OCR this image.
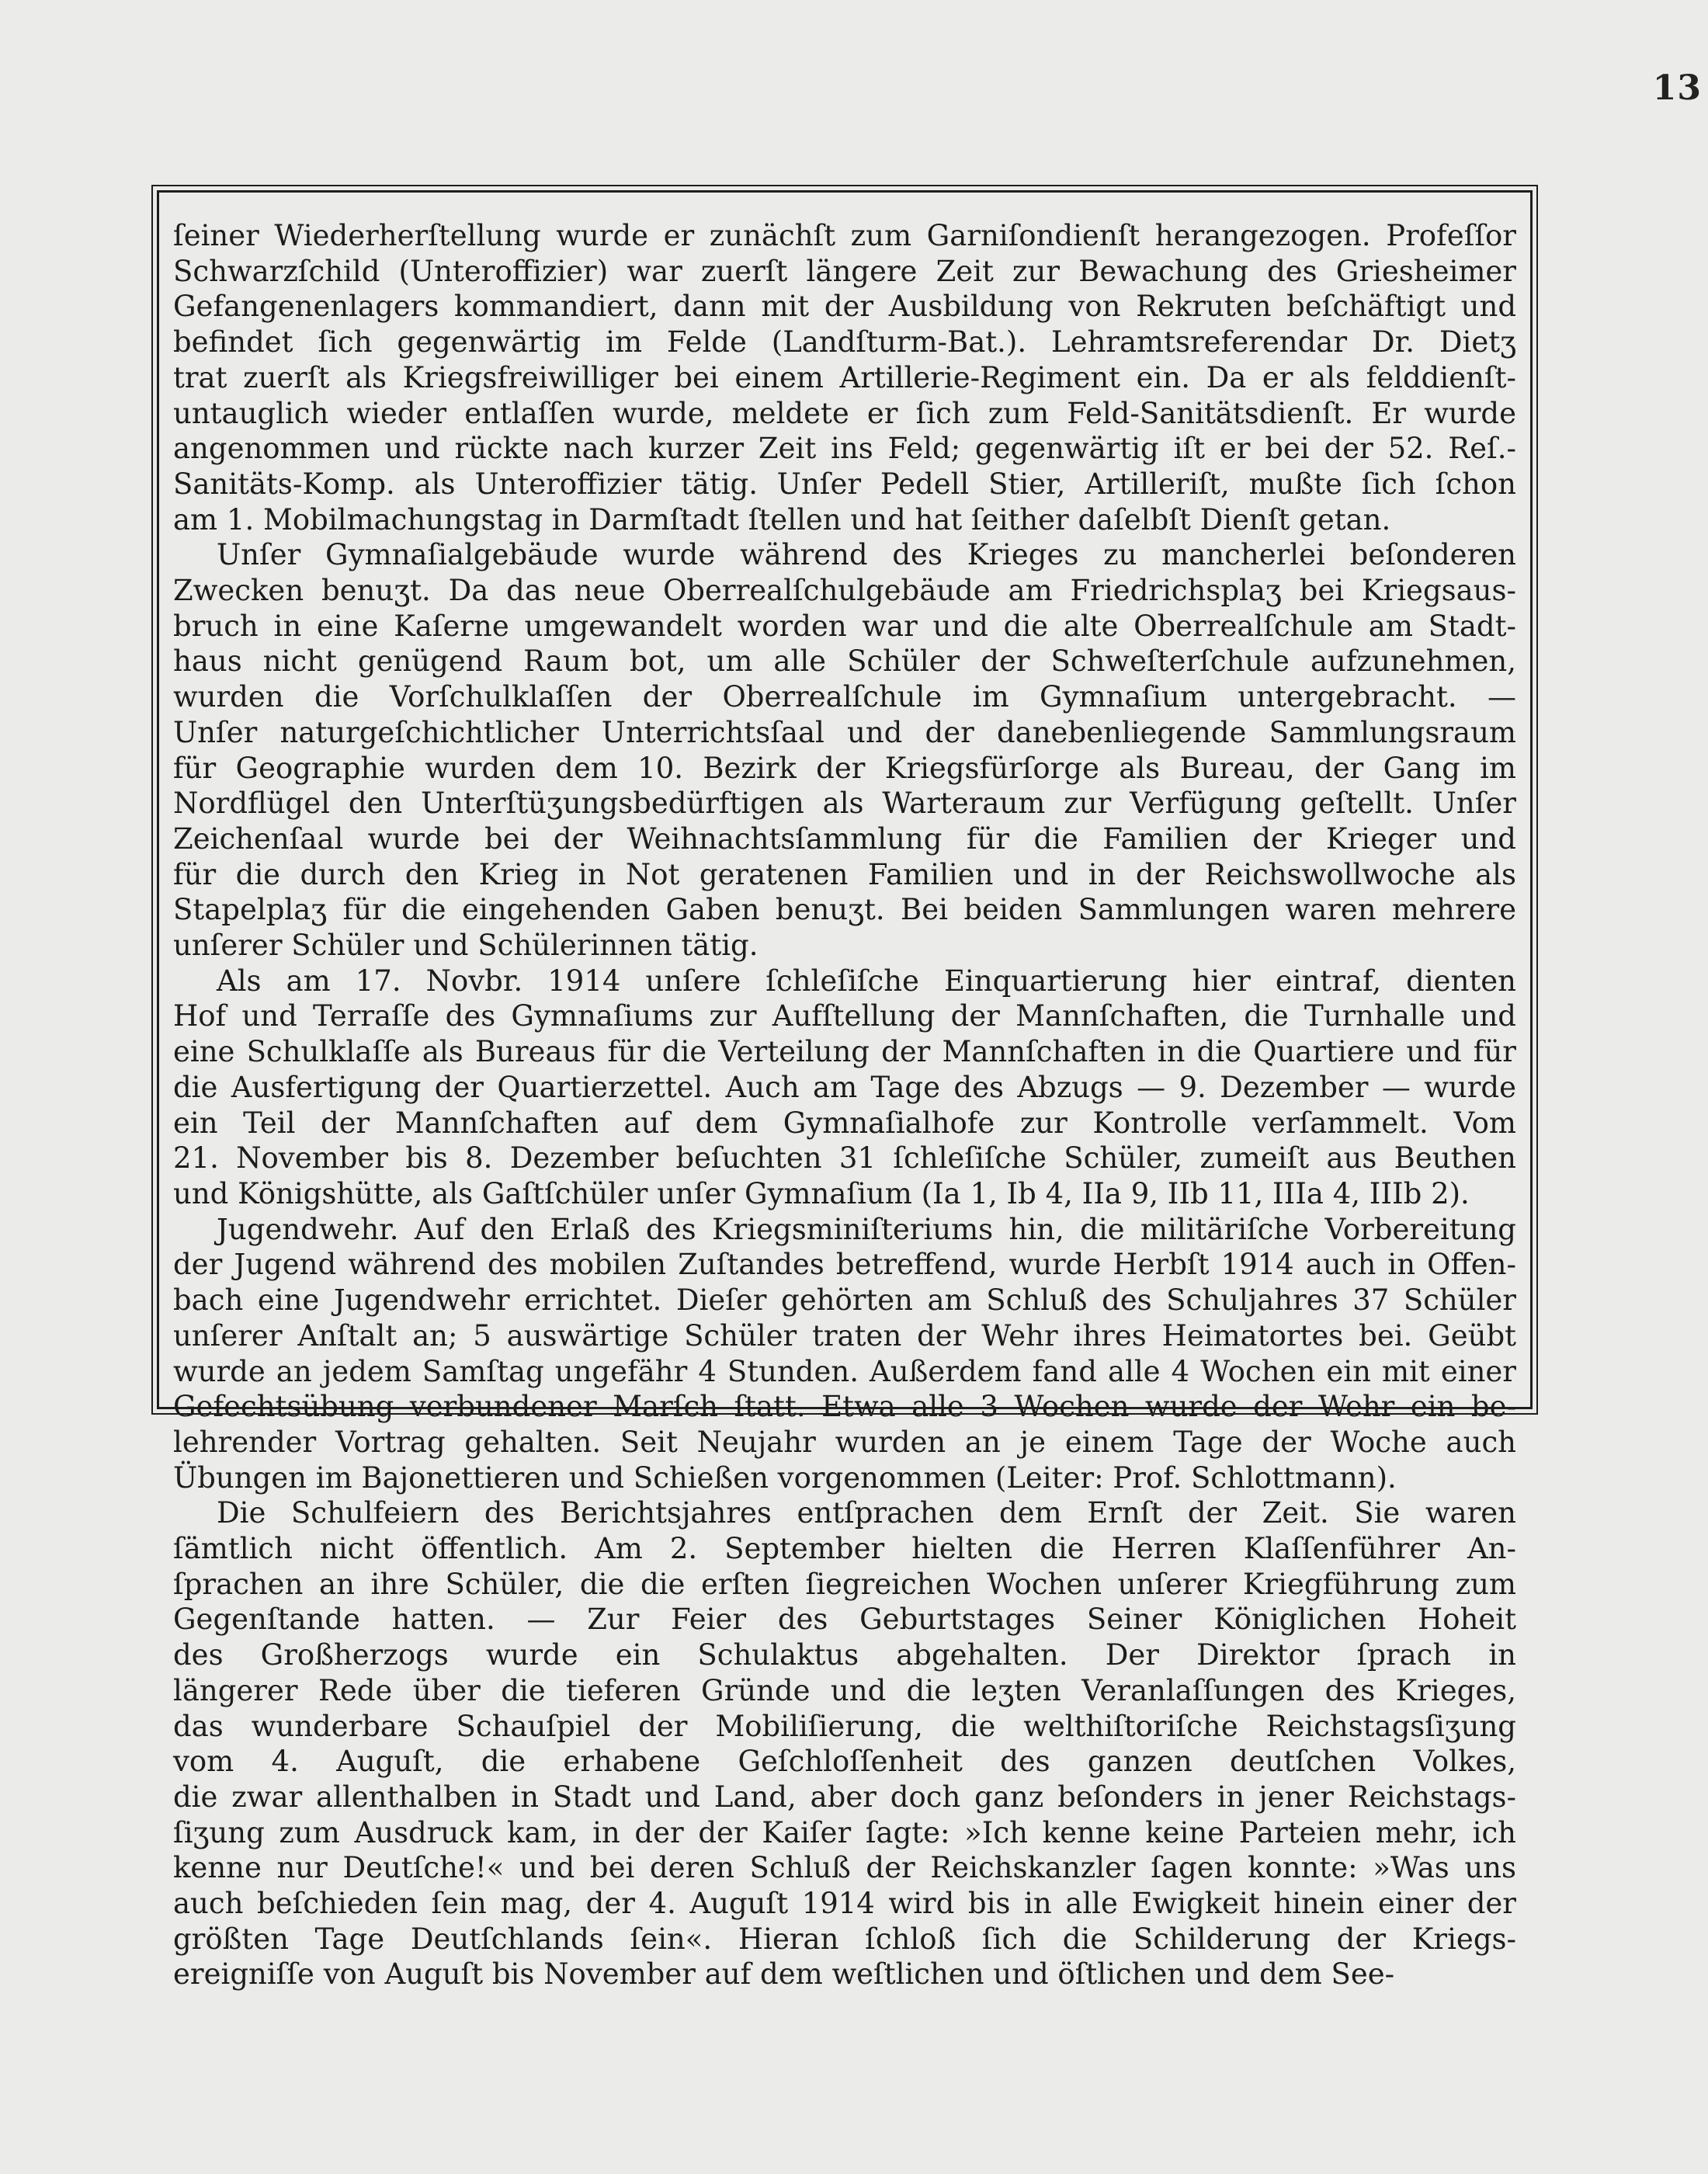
13

ſeiner Wiederherſtellung wurde er zunächſt zum Garniſondienſt herangezogen. Profeſſor
Schwarzſchild (Unteroffizier) war zuerſt längere Zeit zur Bewachung des Griesheimer
Gefangenenlagers kommandiert, dann mit der Ausbildung von Rekruten beſchäftigt und
befindet ſich gegenwärtig im Felde (Landſturm-Bat.). Lehramtsreferendar Dr. Dietʒ
trat zuerſt als Kriegsfreiwilliger bei einem Artillerie-Regiment ein. Da er als felddienſt-
untauglich wieder entlaſſen wurde, meldete er ſich zum Feld-Sanitätsdienſt. Er wurde
angenommen und rückte nach kurzer Zeit ins Feld; gegenwärtig iſt er bei der 52. Reſ.-
Sanitäts-Komp. als Unteroffizier tätig. Unſer Pedell Stier, Artilleriſt, mußte ſich ſchon
am 1. Mobilmachungstag in Darmſtadt ſtellen und hat ſeither daſelbſt Dienſt getan.

Unſer Gymnaſialgebäude wurde während des Krieges zu mancherlei beſonderen
Zwecken benuʒt. Da das neue Oberrealſchulgebäude am Friedrichsplaʒ bei Kriegsaus-
bruch in eine Kaſerne umgewandelt worden war und die alte Oberrealſchule am Stadt-
haus nicht genügend Raum bot, um alle Schüler der Schweſterſchule aufzunehmen,
wurden die Vorſchulklaſſen der Oberrealſchule im Gymnaſium untergebracht. —
Unſer naturgeſchichtlicher Unterrichtsſaal und der danebenliegende Sammlungsraum
für Geographie wurden dem 10. Bezirk der Kriegsfürſorge als Bureau, der Gang im
Nordflügel den Unterſtüʒungsbedürftigen als Warteraum zur Verfügung geſtellt. Unſer
Zeichenſaal wurde bei der Weihnachtsſammlung für die Familien der Krieger und
für die durch den Krieg in Not geratenen Familien und in der Reichswollwoche als
Stapelplaʒ für die eingehenden Gaben benuʒt. Bei beiden Sammlungen waren mehrere
unſerer Schüler und Schülerinnen tätig.

Als am 17. Novbr. 1914 unſere ſchleſiſche Einquartierung hier eintraf, dienten
Hof und Terraſſe des Gymnaſiums zur Aufſtellung der Mannſchaften, die Turnhalle und
eine Schulklaſſe als Bureaus für die Verteilung der Mannſchaften in die Quartiere und für
die Ausfertigung der Quartierzettel. Auch am Tage des Abzugs — 9. Dezember — wurde
ein Teil der Mannſchaften auf dem Gymnaſialhofe zur Kontrolle verſammelt. Vom
21. November bis 8. Dezember beſuchten 31 ſchleſiſche Schüler, zumeiſt aus Beuthen
und Königshütte, als Gaſtſchüler unſer Gymnaſium (Ia 1, Ib 4, IIa 9, IIb 11, IIIa 4, IIIb 2).

Jugendwehr. Auf den Erlaß des Kriegsminiſteriums hin, die militäriſche Vorbereitung
der Jugend während des mobilen Zuſtandes betreffend, wurde Herbſt 1914 auch in Offen-
bach eine Jugendwehr errichtet. Dieſer gehörten am Schluß des Schuljahres 37 Schüler
unſerer Anſtalt an; 5 auswärtige Schüler traten der Wehr ihres Heimatortes bei. Geübt
wurde an jedem Samſtag ungefähr 4 Stunden. Außerdem fand alle 4 Wochen ein mit einer
Gefechtsübung verbundener Marſch ſtatt. Etwa alle 3 Wochen wurde der Wehr ein be-
lehrender Vortrag gehalten. Seit Neujahr wurden an je einem Tage der Woche auch
Übungen im Bajonettieren und Schießen vorgenommen (Leiter: Prof. Schlottmann).

Die Schulfeiern des Berichtsjahres entſprachen dem Ernſt der Zeit. Sie waren
ſämtlich nicht öffentlich. Am 2. September hielten die Herren Klaſſenführer An-
ſprachen an ihre Schüler, die die erſten ſiegreichen Wochen unſerer Kriegführung zum
Gegenſtande hatten. — Zur Feier des Geburtstages Seiner Königlichen Hoheit
des Großherzogs wurde ein Schulaktus abgehalten. Der Direktor ſprach in
längerer Rede über die tieferen Gründe und die leʒten Veranlaſſungen des Krieges,
das wunderbare Schauſpiel der Mobiliſierung, die welthiſtoriſche Reichstagsſiʒung
vom 4. Auguſt, die erhabene Geſchloſſenheit des ganzen deutſchen Volkes,
die zwar allenthalben in Stadt und Land, aber doch ganz beſonders in jener Reichstags-
ſiʒung zum Ausdruck kam, in der der Kaiſer ſagte: »Ich kenne keine Parteien mehr, ich
kenne nur Deutſche!« und bei deren Schluß der Reichskanzler ſagen konnte: »Was uns
auch beſchieden ſein mag, der 4. Auguſt 1914 wird bis in alle Ewigkeit hinein einer der
größten Tage Deutſchlands ſein«. Hieran ſchloß ſich die Schilderung der Kriegs-
ereigniſſe von Auguſt bis November auf dem weſtlichen und öſtlichen und dem See-
